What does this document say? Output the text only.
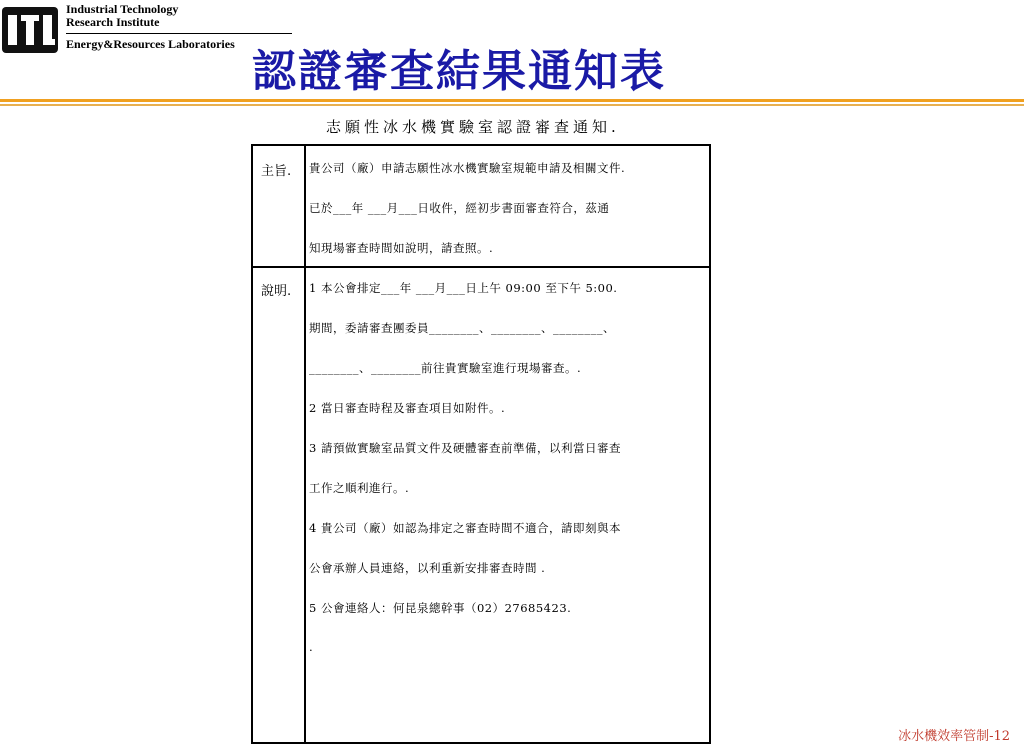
Industrial Technology
Research Institute
Energy&Resources Laboratories
認證審查結果通知表
志願性冰水機實驗室認證審查通知.
主旨. 貴公司（廠）申請志願性冰水機實驗室規範申請及相關文件.
已於___年 ___月___日收件，經初步書面審查符合，茲通
知現場審查時間如說明，請查照。.
說明. 1 本公會排定___年 ___月___日上午 09:00 至下午 5:00.
期間，委請審查團委員________、________、________、
________、________前往貴實驗室進行現場審查。.
2 當日審查時程及審查項目如附件。.
3 請預做實驗室品質文件及硬體審查前準備，以利當日審查
工作之順利進行。.
4 貴公司（廠）如認為排定之審查時間不適合，請即刻與本
公會承辦人員連絡，以利重新安排審查時間 .
5 公會連絡人：何昆泉總幹事（02）27685423.
.
冰水機效率管制-12
